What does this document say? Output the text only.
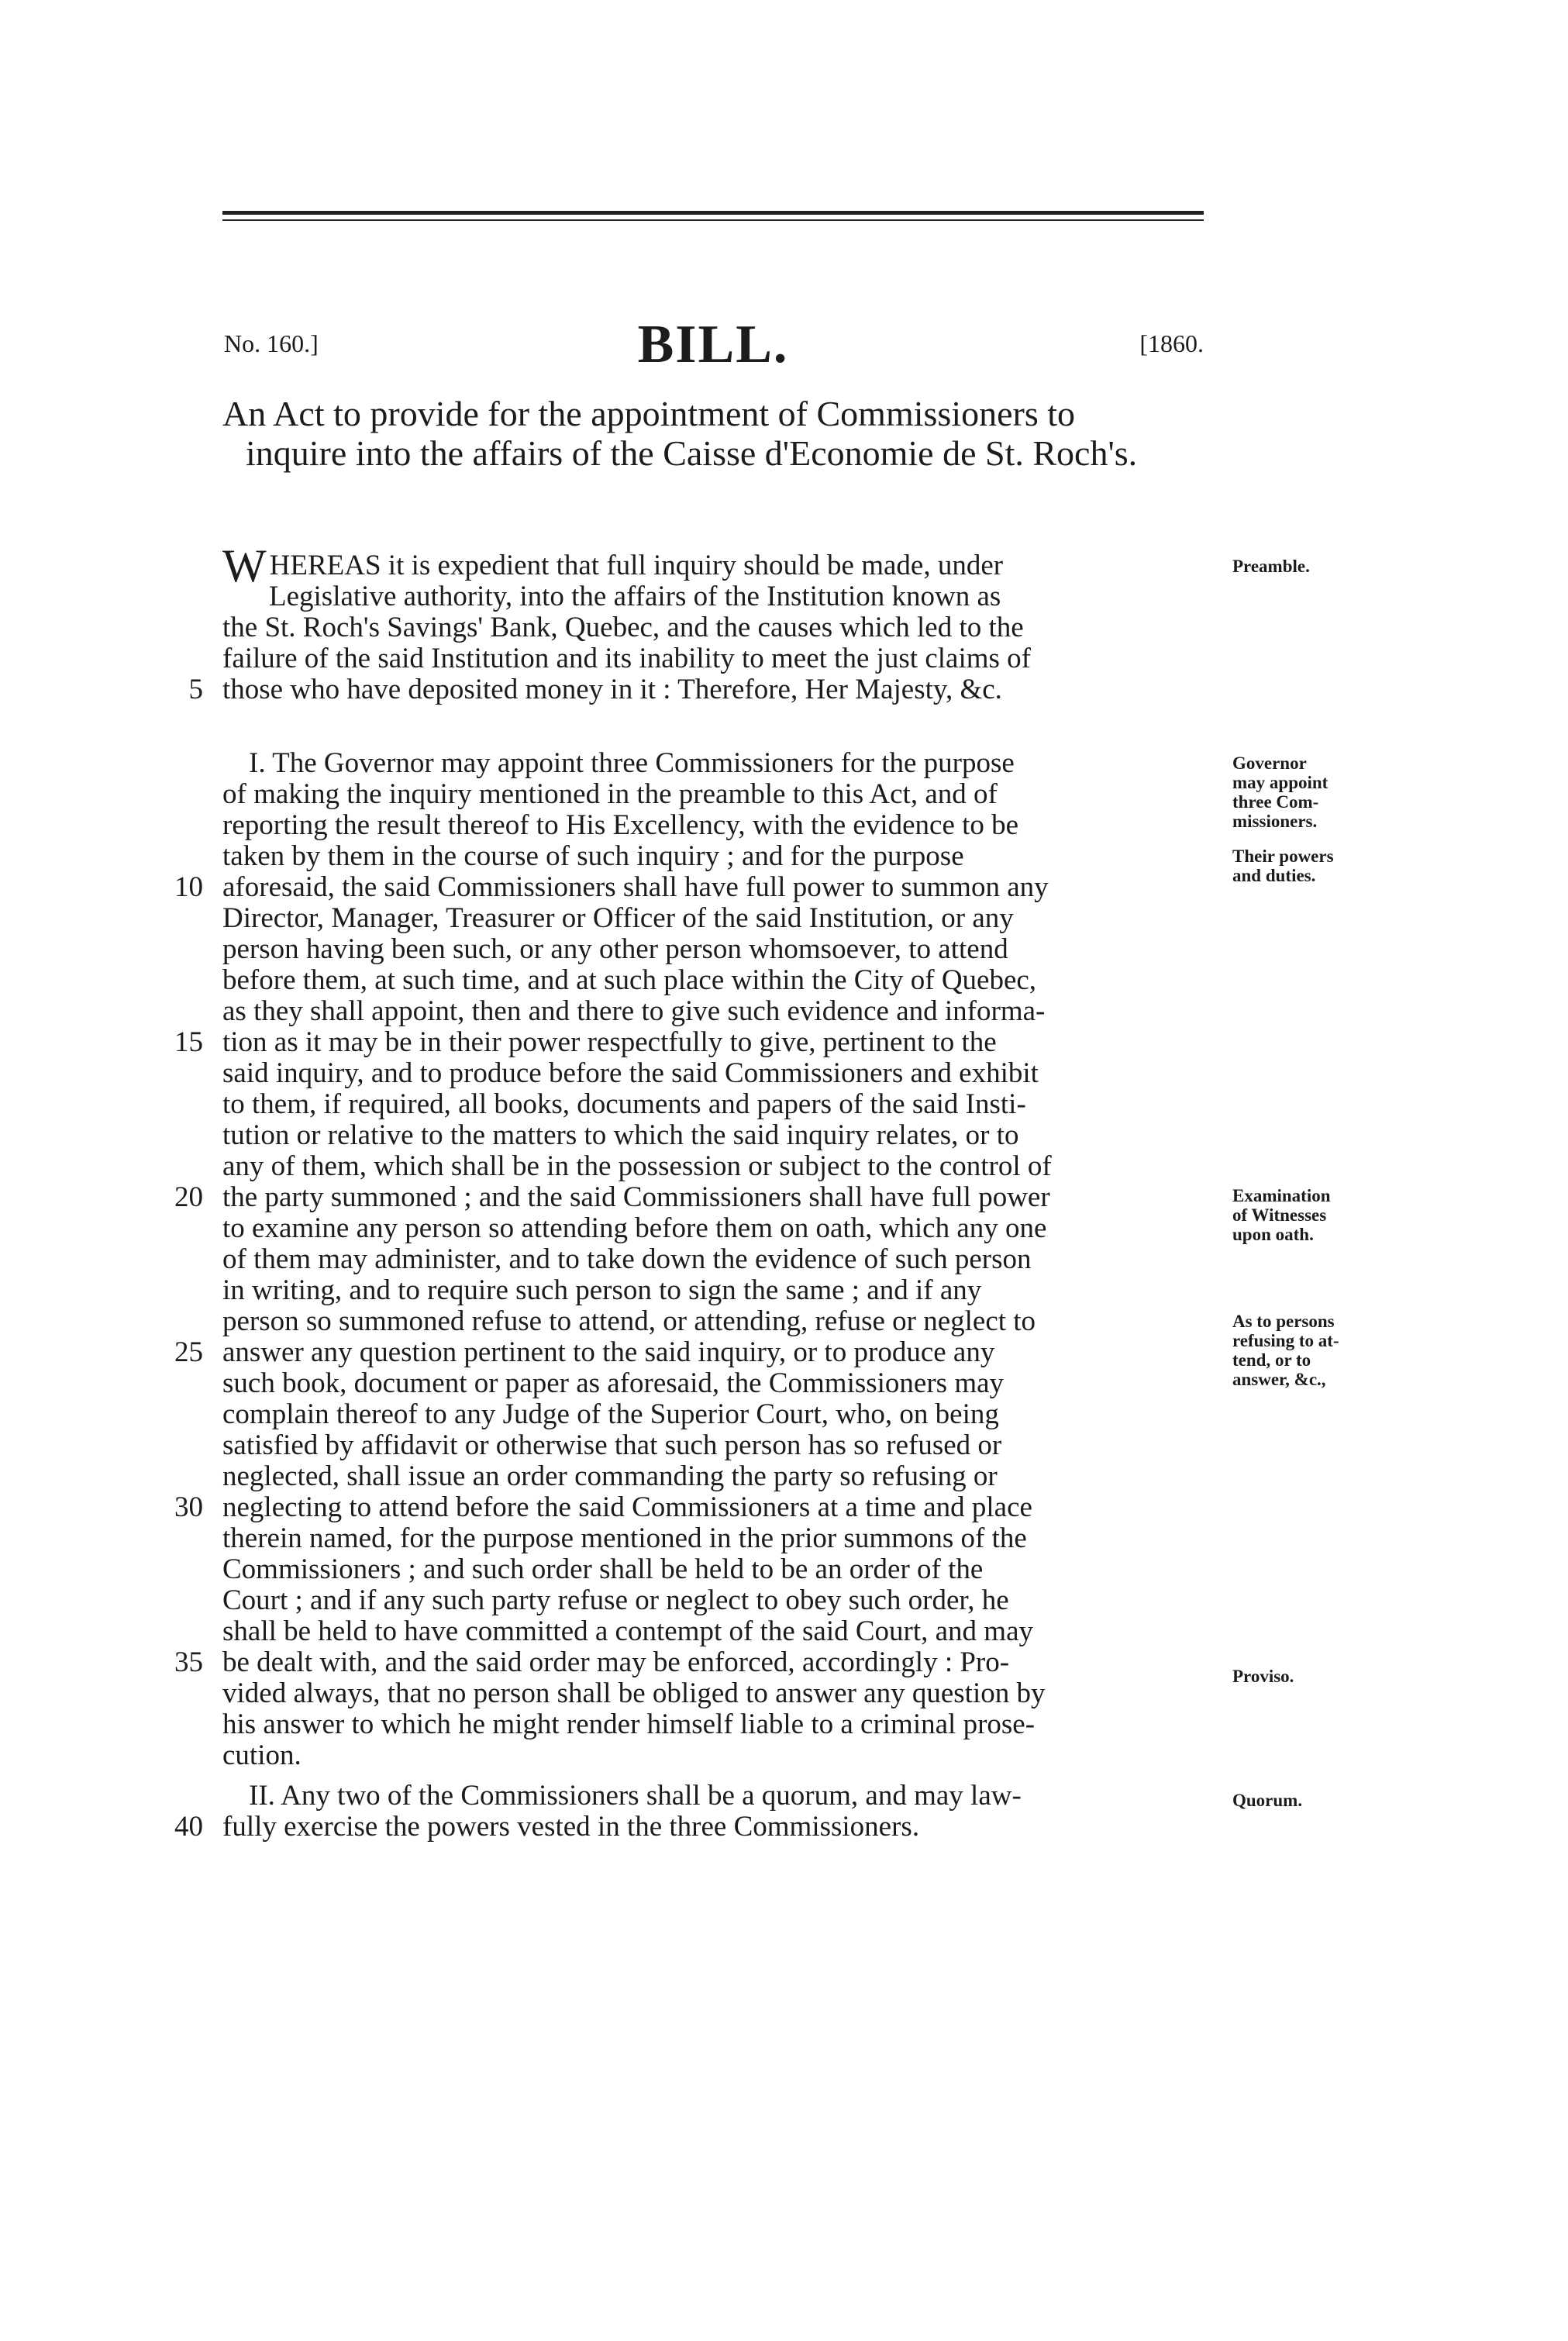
No. 160.]	BILL.	[1860.
An Act to provide for the appointment of Commissioners to
inquire into the affairs of the Caisse d'Economie de St. Roch's.
WHEREAS it is expedient that full inquiry should be made, under
Legislative authority, into the affairs of the Institution known as
the St. Roch's Savings' Bank, Quebec, and the causes which led to the
failure of the said Institution and its inability to meet the just claims of
those who have deposited money in it : Therefore, Her Majesty, &c.
I. The Governor may appoint three Commissioners for the purpose
of making the inquiry mentioned in the preamble to this Act, and of
reporting the result thereof to His Excellency, with the evidence to be
taken by them in the course of such inquiry ; and for the purpose
aforesaid, the said Commissioners shall have full power to summon any
Director, Manager, Treasurer or Officer of the said Institution, or any
person having been such, or any other person whomsoever, to attend
before them, at such time, and at such place within the City of Quebec,
as they shall appoint, then and there to give such evidence and informa-
tion as it may be in their power respectfully to give, pertinent to the
said inquiry, and to produce before the said Commissioners and exhibit
to them, if required, all books, documents and papers of the said Insti-
tution or relative to the matters to which the said inquiry relates, or to
any of them, which shall be in the possession or subject to the control of
the party summoned ; and the said Commissioners shall have full power
to examine any person so attending before them on oath, which any one
of them may administer, and to take down the evidence of such person
in writing, and to require such person to sign the same ; and if any
person so summoned refuse to attend, or attending, refuse or neglect to
answer any question pertinent to the said inquiry, or to produce any
such book, document or paper as aforesaid, the Commissioners may
complain thereof to any Judge of the Superior Court, who, on being
satisfied by affidavit or otherwise that such person has so refused or
neglected, shall issue an order commanding the party so refusing or
neglecting to attend before the said Commissioners at a time and place
therein named, for the purpose mentioned in the prior summons of the
Commissioners ; and such order shall be held to be an order of the
Court ; and if any such party refuse or neglect to obey such order, he
shall be held to have committed a contempt of the said Court, and may
be dealt with, and the said order may be enforced, accordingly : Pro-
vided always, that no person shall be obliged to answer any question by
his answer to which he might render himself liable to a criminal prose-
cution.
II. Any two of the Commissioners shall be a quorum, and may law-
fully exercise the powers vested in the three Commissioners.
Preamble.
Governor
may appoint
three Com-
missioners.
Their powers
and duties.
Examination
of Witnesses
upon oath.
As to persons
refusing to at-
tend, or to
answer, &c.,
Proviso.
Quorum.
5
10
15
20
25
30
35
40
